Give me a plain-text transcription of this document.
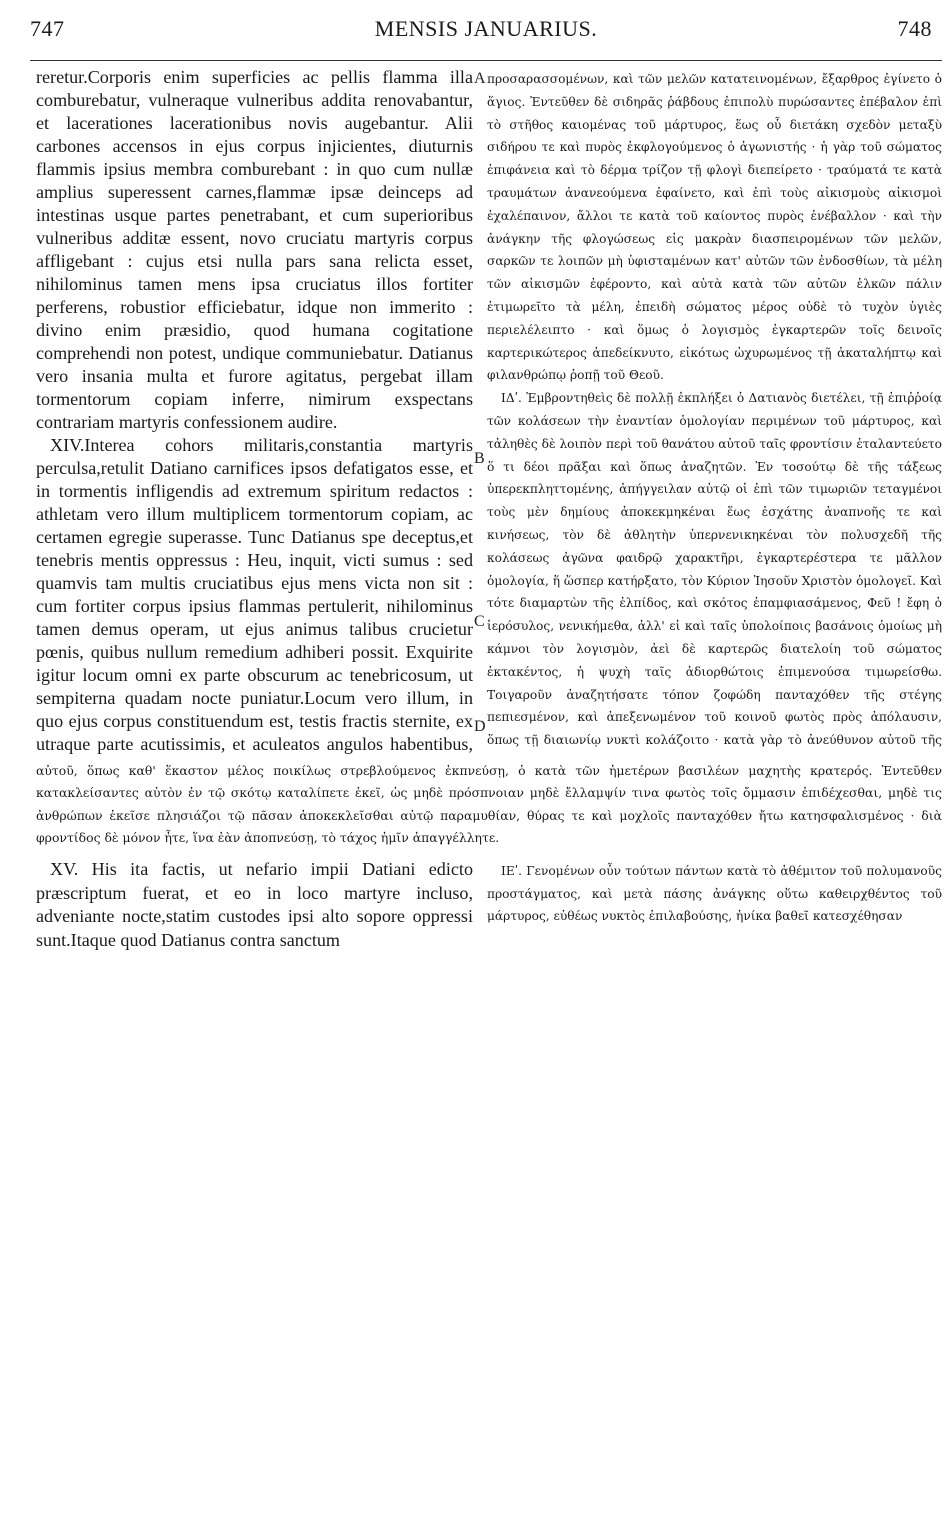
747	MENSIS JANUARIUS.	748

reretur.Corporis enim superficies ac pellis flamma illa comburebatur, vulneraque vulneribus addita renovabantur, et lacerationes lacerationibus novis augebantur. Alii carbones accensos in ejus corpus injicientes, diuturnis flammis ipsius membra comburebant : in quo cum nullæ amplius superessent carnes,flammæ ipsæ deinceps ad intestinas usque partes penetrabant, et cum superioribus vulneribus additæ essent, novo cruciatu martyris corpus affligebant : cujus etsi nulla pars sana relicta esset, nihilominus tamen mens ipsa cruciatus illos fortiter perferens, robustior efficiebatur, idque non immerito : divino enim præsidio, quod humana cogitatione comprehendi non potest, undique communiebatur. Datianus vero insania multa et furore agitatus, pergebat illam tormentorum copiam inferre, nimirum exspectans contrariam martyris confessionem audire.

XIV.Interea cohors militaris,constantia martyris perculsa,retulit Datiano carnifices ipsos defatigatos esse, et in tormentis infligendis ad extremum spiritum redactos : athletam vero illum multiplicem tormentorum copiam, ac certamen egregie superasse. Tunc Datianus spe deceptus,et tenebris mentis oppressus : Heu, inquit, victi sumus : sed quamvis tam multis cruciatibus ejus mens victa non sit : cum fortiter corpus ipsius flammas pertulerit, nihilominus tamen demus operam, ut ejus animus talibus crucietur pœnis, quibus nullum remedium adhiberi possit. Exquirite igitur locum omni ex parte obscurum ac tenebricosum, ut sempiterna quadam nocte puniatur.Locum vero illum, in quo ejus corpus constituendum est, testis fractis sternite, ex utraque parte acutissimis, et aculeatos angulos habentibus,

A
B
C
D

προσαρασσομένων, καὶ τῶν μελῶν κατατεινομένων, ἔξαρθρος ἐγίνετο ὁ ἅγιος. Ἐντεῦθεν δὲ σιδηρᾶς ῥάβδους ἐπιπολὺ πυρώσαντες ἐπέβαλον ἐπὶ τὸ στῆθος καιομένας τοῦ μάρτυρος, ἕως οὗ διετάκη σχεδὸν μεταξὺ σιδήρου τε καὶ πυρὸς ἐκφλογούμενος ὁ ἀγωνιστής · ἡ γὰρ τοῦ σώματος ἐπιφάνεια καὶ τὸ δέρμα τρίζον τῇ φλογὶ διεπείρετο · τραύματά τε κατὰ τραυμάτων ἀνανεούμενα ἐφαίνετο, καὶ ἐπὶ τοὺς αἰκισμοὺς αἰκισμοὶ ἐχαλέπαινον, ἄλλοι τε κατὰ τοῦ καίοντος πυρὸς ἐνέβαλλον · καὶ τὴν ἀνάγκην τῆς φλογώσεως εἰς μακρὰν διασπειρομένων τῶν μελῶν, σαρκῶν τε λοιπῶν μὴ ὑφισταμένων κατ' αὐτῶν τῶν ἐνδοσθίων, τὰ μέλη τῶν αἰκισμῶν ἐφέροντο, καὶ αὐτὰ κατὰ τῶν αὐτῶν ἑλκῶν πάλιν ἐτιμωρεῖτο τὰ μέλη, ἐπειδὴ σώματος μέρος οὐδὲ τὸ τυχὸν ὑγιὲς περιελέλειπτο · καὶ ὅμως ὁ λογισμὸς ἐγκαρτερῶν τοῖς δεινοῖς καρτερικώτερος ἀπεδείκνυτο, εἰκότως ὠχυρωμένος τῇ ἀκαταλήπτῳ καὶ φιλανθρώπῳ ῥοπῇ τοῦ Θεοῦ.

ΙΔʹ. Ἐμβροντηθεὶς δὲ πολλῇ ἐκπλήξει ὁ Δατιανὸς διετέλει, τῇ ἐπιῤῥοίᾳ τῶν κολάσεων τὴν ἐναντίαν ὁμολογίαν περιμένων τοῦ μάρτυρος, καὶ τἀληθὲς δὲ λοιπὸν περὶ τοῦ θανάτου αὐτοῦ ταῖς φροντίσιν ἐταλαντεύετο ὅ τι δέοι πρᾶξαι καὶ ὅπως ἀναζητῶν. Ἐν τοσούτῳ δὲ τῆς τάξεως ὑπερεκπληττομένης, ἀπήγγειλαν αὐτῷ οἱ ἐπὶ τῶν τιμωριῶν τεταγμένοι τοὺς μὲν δημίους ἀποκεκμηκέναι ἕως ἐσχάτης ἀναπνοῆς τε καὶ κινήσεως, τὸν δὲ ἀθλητὴν ὑπερνενικηκέναι τὸν πολυσχεδῆ τῆς κολάσεως ἀγῶνα φαιδρῷ χαρακτῆρι, ἐγκαρτερέστερα τε μᾶλλον ὁμολογία, ἥ ὥσπερ κατήρξατο, τὸν Κύριον Ἰησοῦν Χριστὸν ὁμολογεῖ. Καὶ τότε διαμαρτὼν τῆς ἐλπίδος, καὶ σκότος ἐπαμφιασάμενος, Φεῦ ! ἔφη ὁ ἱερόσυλος, νενικήμεθα, ἀλλ' εἰ καὶ ταῖς ὑπολοίποις βασάνοις ὁμοίως μὴ κάμνοι τὸν λογισμὸν, ἀεὶ δὲ καρτερῶς διατελοίη τοῦ σώματος ἐκτακέντος, ἡ ψυχὴ ταῖς ἀδιορθώτοις ἐπιμενούσα τιμωρείσθω. Τοιγαροῦν ἀναζητήσατε τόπον ζοφώδη πανταχόθεν τῆς στέγης πεπιεσμένον, καὶ ἀπεξενωμένον τοῦ κοινοῦ φωτὸς πρὸς ἀπόλαυσιν, ὅπως τῇ διαιωνίῳ νυκτὶ κολάζοιτο · κατὰ γὰρ τὸ ἀνεύθυνον αὐτοῦ τῆς

αὐτοῦ, ὅπως καθ' ἕκαστον μέλος ποικίλως στρεβλούμενος ἐκπνεύσῃ, ὁ κατὰ τῶν ἡμετέρων βασιλέων μαχητὴς κρατερός. Ἐντεῦθεν κατακλείσαντες αὐτὸν ἐν τῷ σκότῳ καταλίπετε ἐκεῖ, ὡς μηδὲ πρόσπνοιαν μηδὲ ἔλλαμψίν τινα φωτὸς τοῖς ὄμμασιν ἐπιδέχεσθαι, μηδὲ τις ἀνθρώπων ἐκεῖσε πλησιάζοι τῷ πᾶσαν ἀποκεκλεῖσθαι αὐτῷ παραμυθίαν, θύρας τε καὶ μοχλοῖς πανταχόθεν ἤτω κατησφαλισμένος · διὰ φροντίδος δὲ μόνον ἦτε, ἵνα ἐὰν ἀποπνεύσῃ, τὸ τάχος ἡμῖν ἀπαγγέλλητε.

XV. His ita factis, ut nefario impii Datiani edicto præscriptum fuerat, et eo in loco martyre incluso, adveniante nocte,statim custodes ipsi alto sopore oppressi sunt.Itaque quod Datianus contra sanctum

ΙΕʹ. Γενομένων οὖν τούτων πάντων κατὰ τὸ ἀθέμιτον τοῦ πολυμανοῦς προστάγματος, καὶ μετὰ πάσης ἀνάγκης οὕτω καθειρχθέντος τοῦ μάρτυρος, εὐθέως νυκτὸς ἐπιλαβούσης, ἡνίκα βαθεῖ κατεσχέθησαν
